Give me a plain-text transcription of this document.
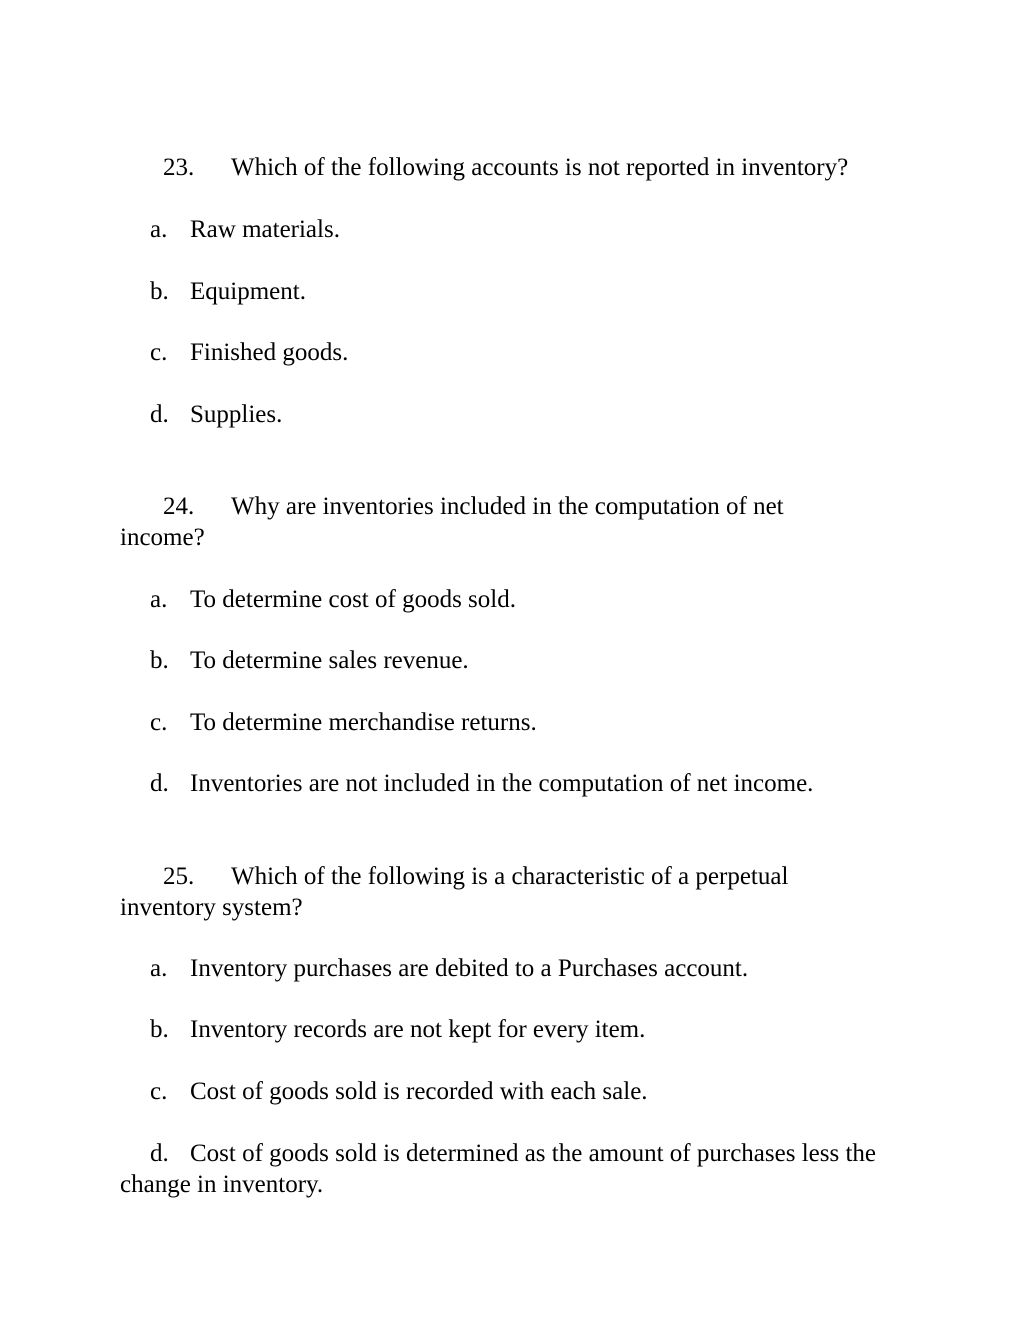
23. Which of the following accounts is not reported in inventory?

a. Raw materials.

b. Equipment.

c. Finished goods.

d. Supplies.

24. Why are inventories included in the computation of net income?

a. To determine cost of goods sold.

b. To determine sales revenue.

c. To determine merchandise returns.

d. Inventories are not included in the computation of net income.

25. Which of the following is a characteristic of a perpetual inventory system?

a. Inventory purchases are debited to a Purchases account.

b. Inventory records are not kept for every item.

c. Cost of goods sold is recorded with each sale.

d. Cost of goods sold is determined as the amount of purchases less the change in inventory.
